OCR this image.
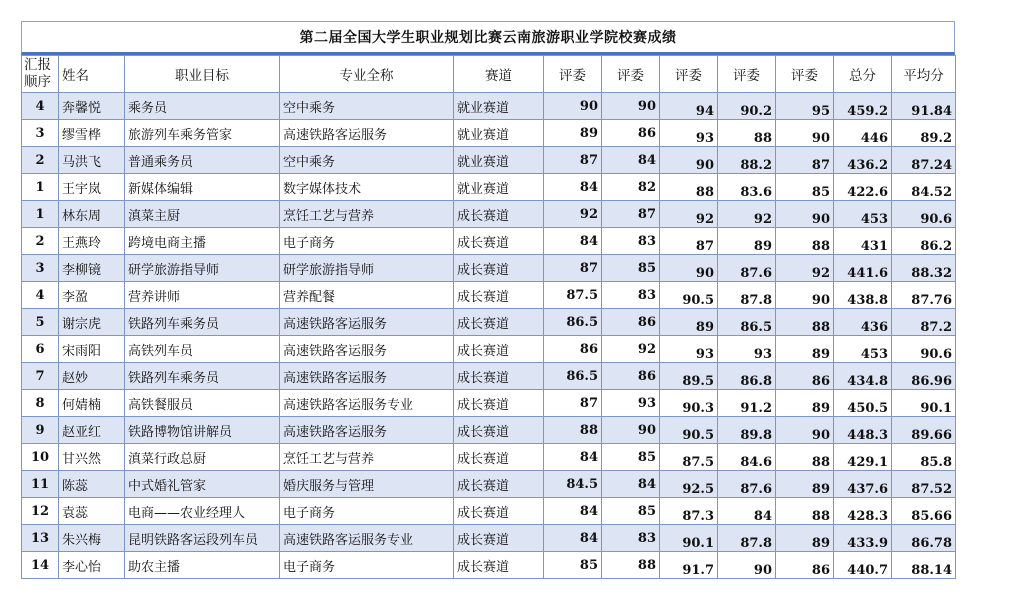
第二届全国大学生职业规划比赛云南旅游职业学院校赛成绩
汇报顺序	姓名	职业目标	专业全称	赛道	评委	评委	评委	评委	评委	总分	平均分
4	奔馨悦	乘务员	空中乘务	就业赛道	90	90	94	90.2	95	459.2	91.84
3	缪雪桦	旅游列车乘务管家	高速铁路客运服务	就业赛道	89	86	93	88	90	446	89.2
2	马洪飞	普通乘务员	空中乘务	就业赛道	87	84	90	88.2	87	436.2	87.24
1	王宇岚	新媒体编辑	数字媒体技术	就业赛道	84	82	88	83.6	85	422.6	84.52
1	林东周	滇菜主厨	烹饪工艺与营养	成长赛道	92	87	92	92	90	453	90.6
2	王燕玲	跨境电商主播	电子商务	成长赛道	84	83	87	89	88	431	86.2
3	李柳镜	研学旅游指导师	研学旅游指导师	成长赛道	87	85	90	87.6	92	441.6	88.32
4	李盈	营养讲师	营养配餐	成长赛道	87.5	83	90.5	87.8	90	438.8	87.76
5	谢宗虎	铁路列车乘务员	高速铁路客运服务	成长赛道	86.5	86	89	86.5	88	436	87.2
6	宋雨阳	高铁列车员	高速铁路客运服务	成长赛道	86	92	93	93	89	453	90.6
7	赵妙	铁路列车乘务员	高速铁路客运服务	成长赛道	86.5	86	89.5	86.8	86	434.8	86.96
8	何婧楠	高铁餐服员	高速铁路客运服务专业	成长赛道	87	93	90.3	91.2	89	450.5	90.1
9	赵亚红	铁路博物馆讲解员	高速铁路客运服务	成长赛道	88	90	90.5	89.8	90	448.3	89.66
10	甘兴然	滇菜行政总厨	烹饪工艺与营养	成长赛道	84	85	87.5	84.6	88	429.1	85.8
11	陈蕊	中式婚礼管家	婚庆服务与管理	成长赛道	84.5	84	92.5	87.6	89	437.6	87.52
12	袁蕊	电商——农业经理人	电子商务	成长赛道	84	85	87.3	84	88	428.3	85.66
13	朱兴梅	昆明铁路客运段列车员	高速铁路客运服务专业	成长赛道	84	83	90.1	87.8	89	433.9	86.78
14	李心怡	助农主播	电子商务	成长赛道	85	88	91.7	90	86	440.7	88.14
